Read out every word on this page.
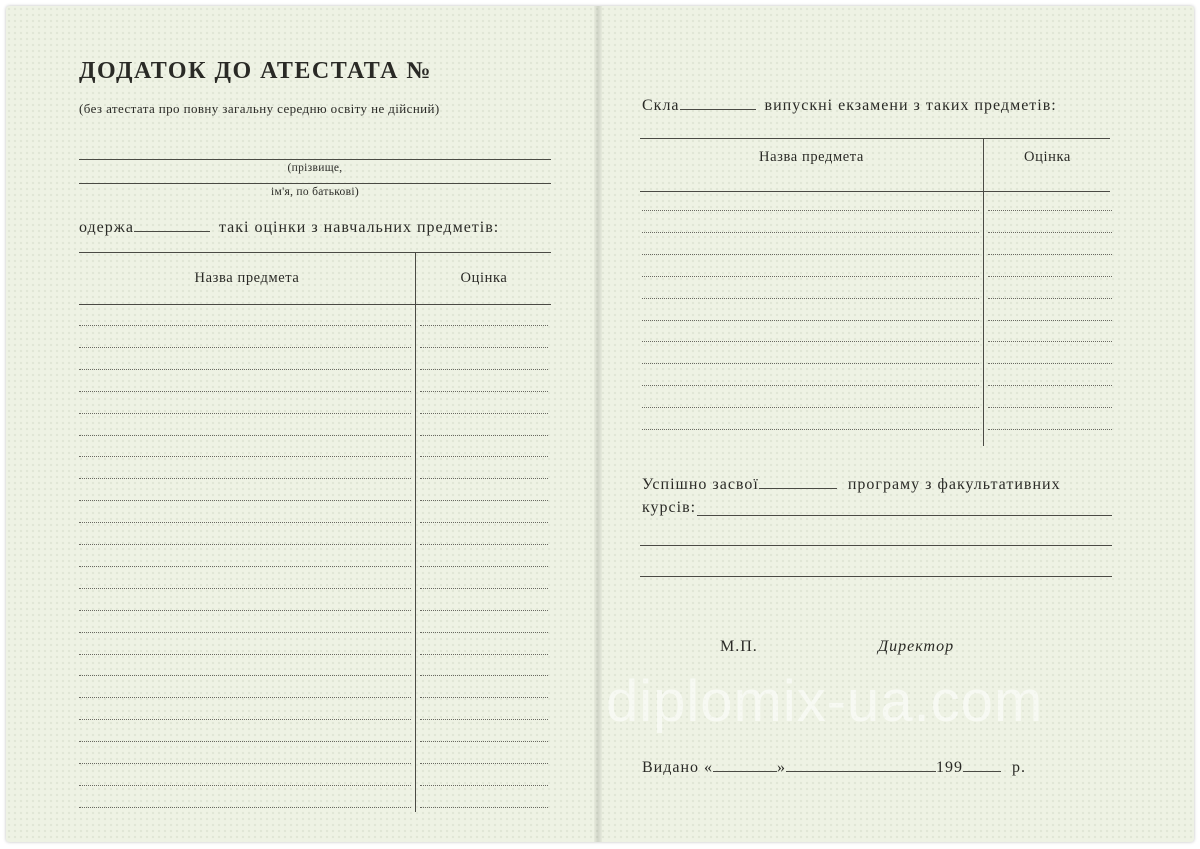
ДОДАТОК ДО АТЕСТАТА №
(без атестата про повну загальну середню освіту не дійсний)
(прізвище,
ім'я, по батькові)
одержа	такі оцінки з навчальних предметів:
Назва предмета	Оцінка
Скла	випускні екзамени з таких предметів:
Назва предмета	Оцінка
Успішно засвої	програму з факультативних
курсів:
М.П.	Директор
diplomix-ua.com
Видано «	»	199	р.
